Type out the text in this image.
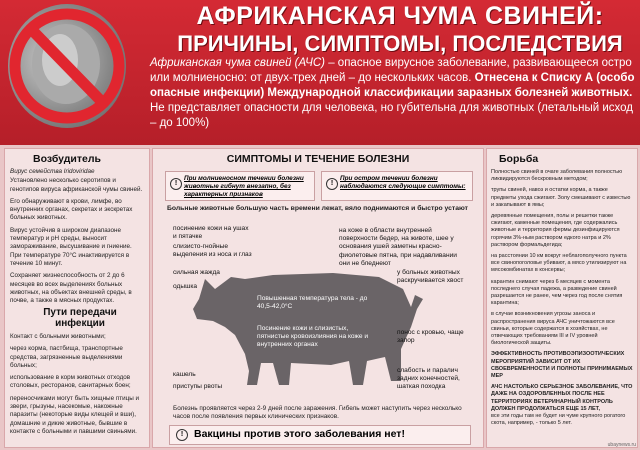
АФРИКАНСКАЯ ЧУМА СВИНЕЙ:
ПРИЧИНЫ, СИМПТОМЫ, ПОСЛЕДСТВИЯ
Африканская чума свиней (АЧС) – опасное вирусное заболевание, развивающееся остро или молниеносно: от двух-трех дней – до нескольких часов. Отнесена к Списку А (особо опасные инфекции) Международной классификации заразных болезней животных. Не представляет опасности для человека, но губительна для животных (летальный исход – до 100%)
Возбудитель

Вирус семейства Iridoviridae

Установлено несколько серотипов и генотипов вируса африканской чумы свиней.

Его обнаруживают в крови, лимфе, во внутренних органах, секретах и экскретах больных животных.

Вирус устойчив в широком диапазоне температур и pH среды, выносит замораживание, высушивание и гниение. При температуре 70°С инактивируется в течение 10 минут.

Сохраняет жизнеспособность от 2 до 6 месяцев во всех выделениях больных животных, на объектах внешней среды, в почве, а также в мясных продуктах.

Пути передачи инфекции

Контакт с больными животными;

через корма, пастбища, транспортные средства, загрязненные выделениями больных;

использование в корм животных отходов столовых, ресторанов, санитарных боен;

переносчиками могут быть хищные птицы и звери, грызуны, насекомые, накожные паразиты (некоторые виды клещей и вши), домашние и дикие животные, бывшие в контакте с больными и павшими свиньями.

СИМПТОМЫ И ТЕЧЕНИЕ БОЛЕЗНИ
!
При молниеносном течении болезни животные гибнут внезапно, без характерных признаков
!
При остром течении болезни наблюдаются следующие симптомы:
Больные животные большую часть времени лежат, вяло поднимаются и быстро устают
посинение кожи на ушах и пятачке
слизисто-гнойные выделения из носа и глаз
сильная жажда
одышка
кашель
приступы рвоты
на коже в области внутренней поверхности бедер, на животе, шее у основания ушей заметны красно-фиолетовые пятна, при надавливании они не бледнеют
у больных животных раскручивается хвост
понос с кровью, чаще запор
слабость и паралич задних конечностей, шаткая походка
Повышенная температура тела - до 40,5-42,0°С
Посинение кожи и слизистых, пятнистые кровоизлияния на коже и внутренних органах
Болезнь проявляется через 2-9 дней после заражения. Гибель может наступить через несколько часов после появления первых клинических признаков.
!	Вакцины против этого заболевания нет!
Борьба

Полностью свиней в очаге заболевания полностью ликвидируются бескровным методом;

трупы свиней, навоз и остатки корма, а также предметы ухода сжигают. Золу смешивают с известью и закапывают в ямы;

деревянные помещения, полы и решетки также сжигают, каменные помещения, где содержались животные и территория фермы дезинфицируются горячим 3%-ным раствором едкого натра и 2% раствором формальдегида;

на расстоянии 10 км вокруг неблагополучного пункта все свинопоголовье убивают, а мясо утилизируют на мясокомбинатах в консервы;

карантин снимают через 6 месяцев с момента последнего случая падежа, а разведение свиней разрешается не ранее, чем через год после снятия карантина;

в случае возникновения угрозы заноса и распространения вируса АЧС уничтожаются все свиньи, которые содержатся в хозяйствах, не отвечающих требованиям III и IV уровней биологической защиты.

ЭФФЕКТИВНОСТЬ ПРОТИВОЭПИЗООТИЧЕСКИХ МЕРОПРИЯТИЙ ЗАВИСИТ ОТ ИХ СВОЕВРЕМЕННОСТИ И ПОЛНОТЫ ПРИНИМАЕМЫХ МЕР

АЧС НАСТОЛЬКО СЕРЬЕЗНОЕ ЗАБОЛЕВАНИЕ, ЧТО ДАЖЕ НА ОЗДОРОВЛЕННЫХ ПОСЛЕ НЕЕ ТЕРРИТОРИЯХ ВЕТЕРИНАРНЫЙ КОНТРОЛЬ ДОЛЖЕН ПРОДОЛЖАТЬСЯ ЕЩЕ 15 ЛЕТ,

все эти годы там не будет ни чуме крупного рогатого скота, например, - только 5 лет.

ubaynews.ru
